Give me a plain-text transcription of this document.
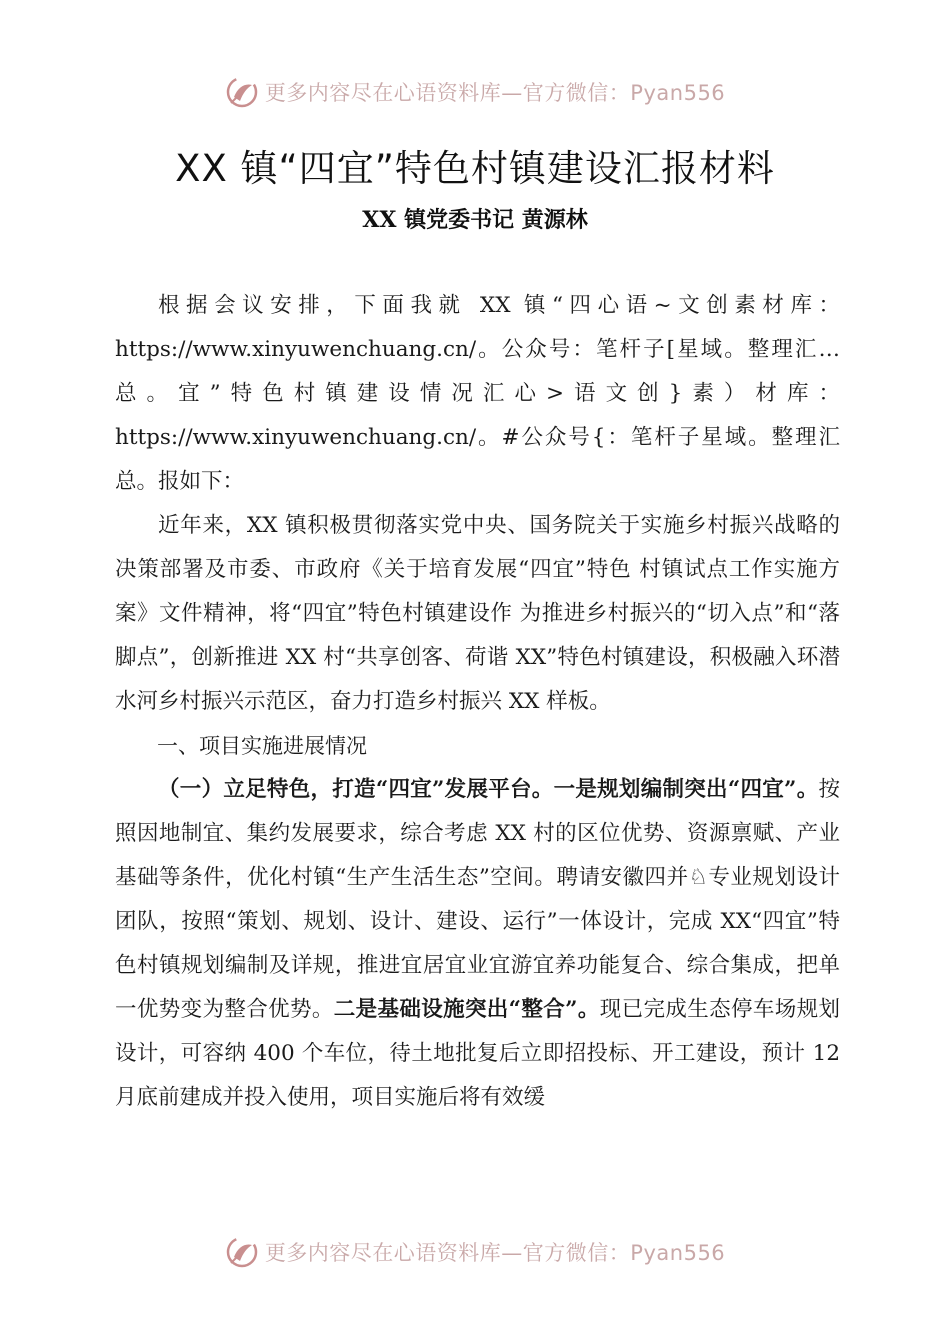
更多内容尽在心语资料库—官方微信：Pyan556
XX 镇“四宜”特色村镇建设汇报材料
XX 镇党委书记 黄源林

根据会议安排，下面我就 XX 镇“四心语~文创素材库：https://www.xinyuwenchuang.cn/。公众号：笔杆子[星域。整理汇…总。宜”特色村镇建设情况汇心>语文创}素）材库：https://www.xinyuwenchuang.cn/。#公众号{：笔杆子星域。整理汇总。报如下：

近年来，XX 镇积极贯彻落实党中央、国务院关于实施乡村振兴战略的决策部署及市委、市政府《关于培育发展“四宜”特色 村镇试点工作实施方案》文件精神，将“四宜”特色村镇建设作 为推进乡村振兴的“切入点”和“落脚点”，创新推进 XX 村“共享创客、荷谐 XX”特色村镇建设，积极融入环潜水河乡村振兴示范区，奋力打造乡村振兴 XX 样板。

一、项目实施进展情况

（一）立足特色，打造“四宜”发展平台。一是规划编制突出“四宜”。按照因地制宜、集约发展要求，综合考虑 XX 村的区位优势、资源禀赋、产业基础等条件，优化村镇“生产生活生态”空间。聘请安徽四并♘专业规划设计团队，按照“策划、规划、设计、建设、运行”一体设计，完成 XX“四宜”特色村镇规划编制及详规，推进宜居宜业宜游宜养功能复合、综合集成，把单一优势变为整合优势。二是基础设施突出“整合”。现已完成生态停车场规划设计，可容纳 400 个车位，待土地批复后立即招投标、开工建设，预计 12 月底前建成并投入使用，项目实施后将有效缓

更多内容尽在心语资料库—官方微信：Pyan556
